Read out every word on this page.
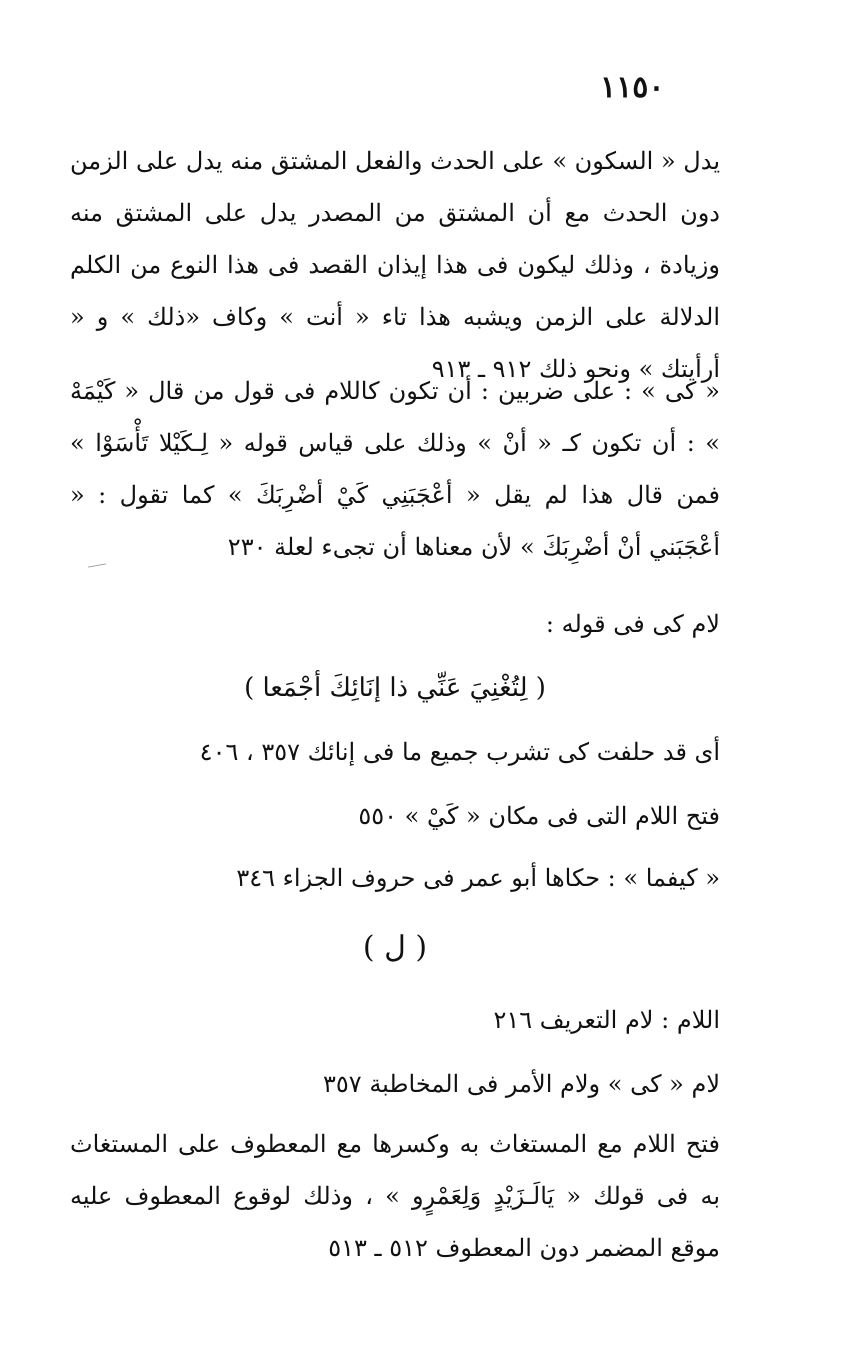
١١٥٠
يدل « السكون » على الحدث والفعل المشتق منه يدل على الزمن دون الحدث مع أن المشتق من المصدر يدل على المشتق منه وزيادة ، وذلك ليكون فى هذا إيذان القصد فى هذا النوع من الكلم الدلالة على الزمن ويشبه هذا تاء « أنت » وكاف «ذلك » و « أرأيتك » ونحو ذلك ٩١٢ ـ ٩١٣
« كى » : على ضربين : أن تكون كاللام فى قول من قال « كَيْمَهْ » : أن تكون كـ « أنْ » وذلك على قياس قوله « لِـكَيْلا تَأْسَوْا » فمن قال هذا لم يقل « أعْجَبَنِي كَيْ أضْرِبَكَ » كما تقول : « أعْجَبَني أنْ أضْرِبَكَ » لأن معناها أن تجىء لعلة ٢٣٠
لام كى فى قوله :
( لِتُغْنِيَ عَنِّي ذا إنَائِكَ أجْمَعا )
أى قد حلفت كى تشرب جميع ما فى إنائك ٣٥٧ ، ٤٠٦
فتح اللام التى فى مكان « كَيْ » ٥٥٠
« كيفما » : حكاها أبو عمر فى حروف الجزاء ٣٤٦
( ل )
اللام : لام التعريف ٢١٦
لام « كى » ولام الأمر فى المخاطبة ٣٥٧
فتح اللام مع المستغاث به وكسرها مع المعطوف على المستغاث به فى قولك « يَالَـزَيْدٍ وَلِعَمْرٍو » ، وذلك لوقوع المعطوف عليه موقع المضمر دون المعطوف ٥١٢ ـ ٥١٣
